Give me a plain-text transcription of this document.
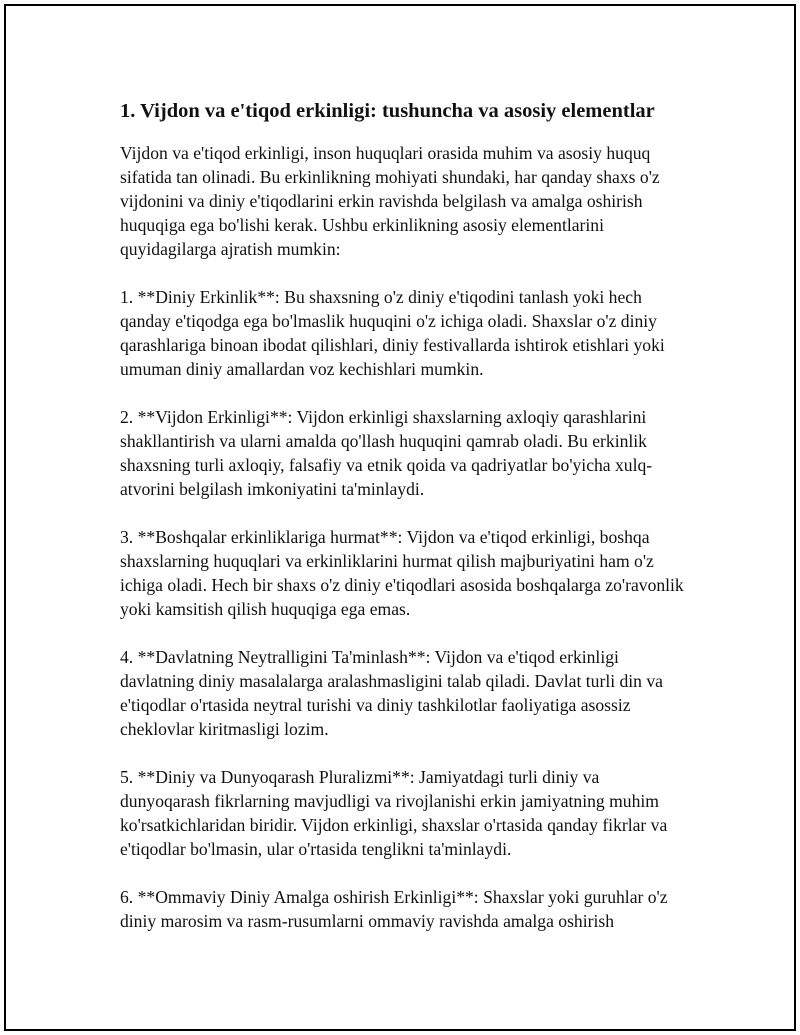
1. Vijdon va e'tiqod erkinligi: tushuncha va asosiy elementlar

Vijdon va e'tiqod erkinligi, inson huquqlari orasida muhim va asosiy huquq sifatida tan olinadi. Bu erkinlikning mohiyati shundaki, har qanday shaxs o'z vijdonini va diniy e'tiqodlarini erkin ravishda belgilash va amalga oshirish huquqiga ega bo'lishi kerak. Ushbu erkinlikning asosiy elementlarini quyidagilarga ajratish mumkin:

1. **Diniy Erkinlik**: Bu shaxsning o'z diniy e'tiqodini tanlash yoki hech qanday e'tiqodga ega bo'lmaslik huquqini o'z ichiga oladi. Shaxslar o'z diniy qarashlariga binoan ibodat qilishlari, diniy festivallarda ishtirok etishlari yoki umuman diniy amallardan voz kechishlari mumkin.

2. **Vijdon Erkinligi**: Vijdon erkinligi shaxslarning axloqiy qarashlarini shakllantirish va ularni amalda qo'llash huquqini qamrab oladi. Bu erkinlik shaxsning turli axloqiy, falsafiy va etnik qoida va qadriyatlar bo'yicha xulq-atvorini belgilash imkoniyatini ta'minlaydi.

3. **Boshqalar erkinliklariga hurmat**: Vijdon va e'tiqod erkinligi, boshqa shaxslarning huquqlari va erkinliklarini hurmat qilish majburiyatini ham o'z ichiga oladi. Hech bir shaxs o'z diniy e'tiqodlari asosida boshqalarga zo'ravonlik yoki kamsitish qilish huquqiga ega emas.

4. **Davlatning Neytralligini Ta'minlash**: Vijdon va e'tiqod erkinligi davlatning diniy masalalarga aralashmasligini talab qiladi. Davlat turli din va e'tiqodlar o'rtasida neytral turishi va diniy tashkilotlar faoliyatiga asossiz cheklovlar kiritmasligi lozim.

5. **Diniy va Dunyoqarash Pluralizmi**: Jamiyatdagi turli diniy va dunyoqarash fikrlarning mavjudligi va rivojlanishi erkin jamiyatning muhim ko'rsatkichlaridan biridir. Vijdon erkinligi, shaxslar o'rtasida qanday fikrlar va e'tiqodlar bo'lmasin, ular o'rtasida tenglikni ta'minlaydi.

6. **Ommaviy Diniy Amalga oshirish Erkinligi**: Shaxslar yoki guruhlar o'z diniy marosim va rasm-rusumlarni ommaviy ravishda amalga oshirish
